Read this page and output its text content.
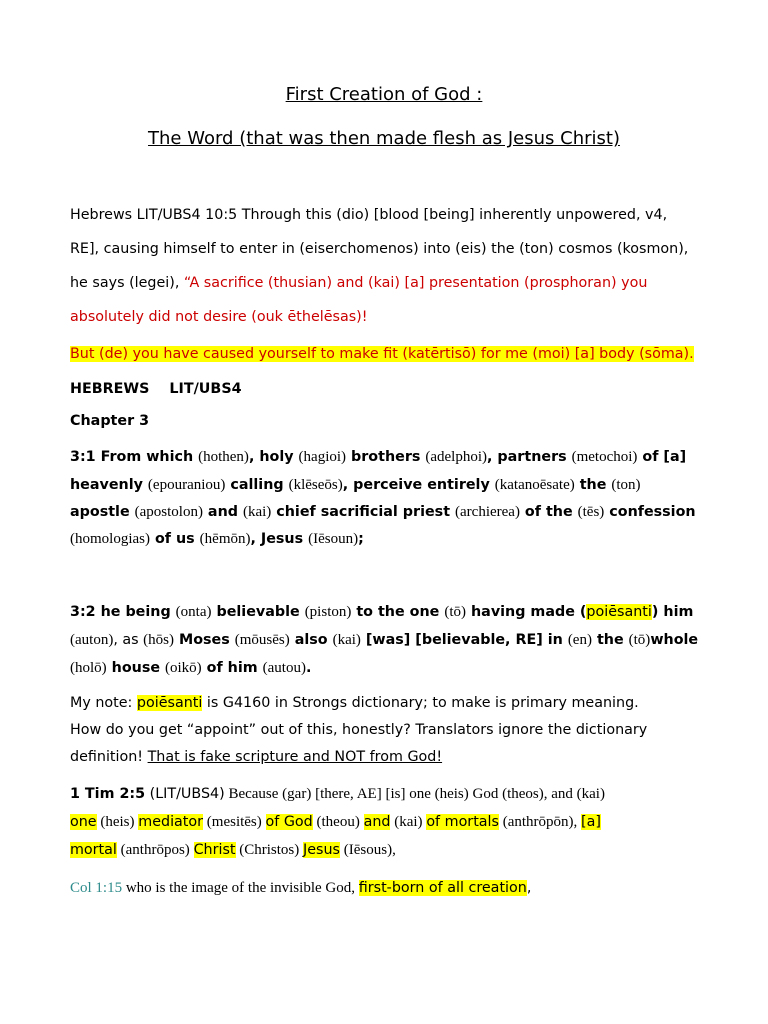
First Creation of God :
The Word (that was then made flesh as Jesus Christ)
Hebrews LIT/UBS4 10:5 Through this (dio) [blood [being] inherently unpowered, v4,
RE], causing himself to enter in (eiserchomenos) into (eis) the (ton) cosmos (kosmon),
he says (legei), “A sacrifice (thusian) and (kai) [a] presentation (prosphoran) you
absolutely did not desire (ouk ēthelēsas)!
But (de) you have caused yourself to make fit (katērtisō) for me (moi) [a] body (sōma).
HEBREWS LIT/UBS4
Chapter 3
3:1 From which (hothen), holy (hagioi) brothers (adelphoi), partners (metochoi) of [a]
heavenly (epouraniou) calling (klēseōs), perceive entirely (katanoēsate) the (ton)
apostle (apostolon) and (kai) chief sacrificial priest (archierea) of the (tēs) confession
(homologias) of us (hēmōn), Jesus (Iēsoun);
3:2 he being (onta) believable (piston) to the one (tō) having made (poiēsanti) him
(auton), as (hōs) Moses (mōusēs) also (kai) [was] [believable, RE] in (en) the (tō)whole
(holō) house (oikō) of him (autou).
My note: poiēsanti is G4160 in Strongs dictionary; to make is primary meaning.
How do you get “appoint” out of this, honestly? Translators ignore the dictionary
definition! That is fake scripture and NOT from God!
1 Tim 2:5 (LIT/UBS4) Because (gar) [there, AE] [is] one (heis) God (theos), and (kai)
one (heis) mediator (mesitēs) of God (theou) and (kai) of mortals (anthrōpōn), [a]
mortal (anthrōpos) Christ (Christos) Jesus (Iēsous),
Col 1:15 who is the image of the invisible God, first-born of all creation,
